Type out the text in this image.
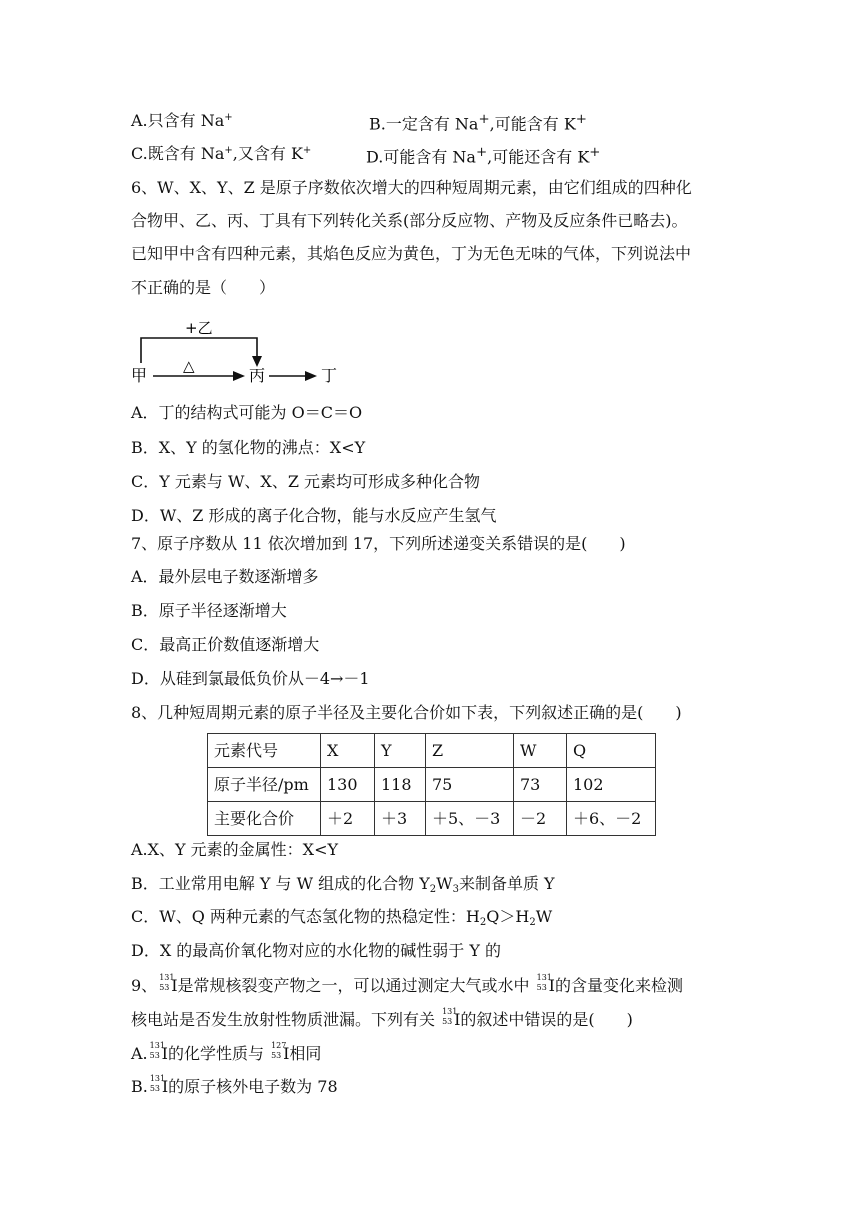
A.只含有 Na+	B.一定含有 Na+,可能含有 K+
C.既含有 Na+,又含有 K+	D.可能含有 Na+,可能还含有 K+
6、W、X、Y、Z 是原子序数依次增大的四种短周期元素，由它们组成的四种化
合物甲、乙、丙、丁具有下列转化关系(部分反应物、产物及反应条件已略去)。
已知甲中含有四种元素，其焰色反应为黄色，丁为无色无味的气体，下列说法中
不正确的是（　　）
+乙
甲 △	丙	丁
A．丁的结构式可能为 O＝C＝O
B．X、Y 的氢化物的沸点：X<Y
C．Y 元素与 W、X、Z 元素均可形成多种化合物
D．W、Z 形成的离子化合物，能与水反应产生氢气
7、原子序数从 11 依次增加到 17，下列所述递变关系错误的是(　　)
A．最外层电子数逐渐增多
B．原子半径逐渐增大
C．最高正价数值逐渐增大
D．从硅到氯最低负价从－4→－1
8、几种短周期元素的原子半径及主要化合价如下表，下列叙述正确的是(　　)
元素代号	X	Y	Z	W	Q
原子半径/pm	130	118	75	73	102
主要化合价	＋2	＋3	＋5、－3	－2	＋6、－2
A.X、Y 元素的金属性：X<Y
B．工业常用电解 Y 与 W 组成的化合物 $Y_2W_3$来制备单质 Y
C．W、Q 两种元素的气态氢化物的热稳定性：$H_2Q>H_2W$
D．X 的最高价氧化物对应的水化物的碱性弱于 Y 的
9、 131
53 I是常规核裂变产物之一，可以通过测定大气或水中 131
53 I的含量变化来检测
核电站是否发生放射性物质泄漏。下列有关 131
53 I的叙述中错误的是(　　)
A. 131
53 I的化学性质与 127
53 I相同
B. 131
53 I的原子核外电子数为 78
